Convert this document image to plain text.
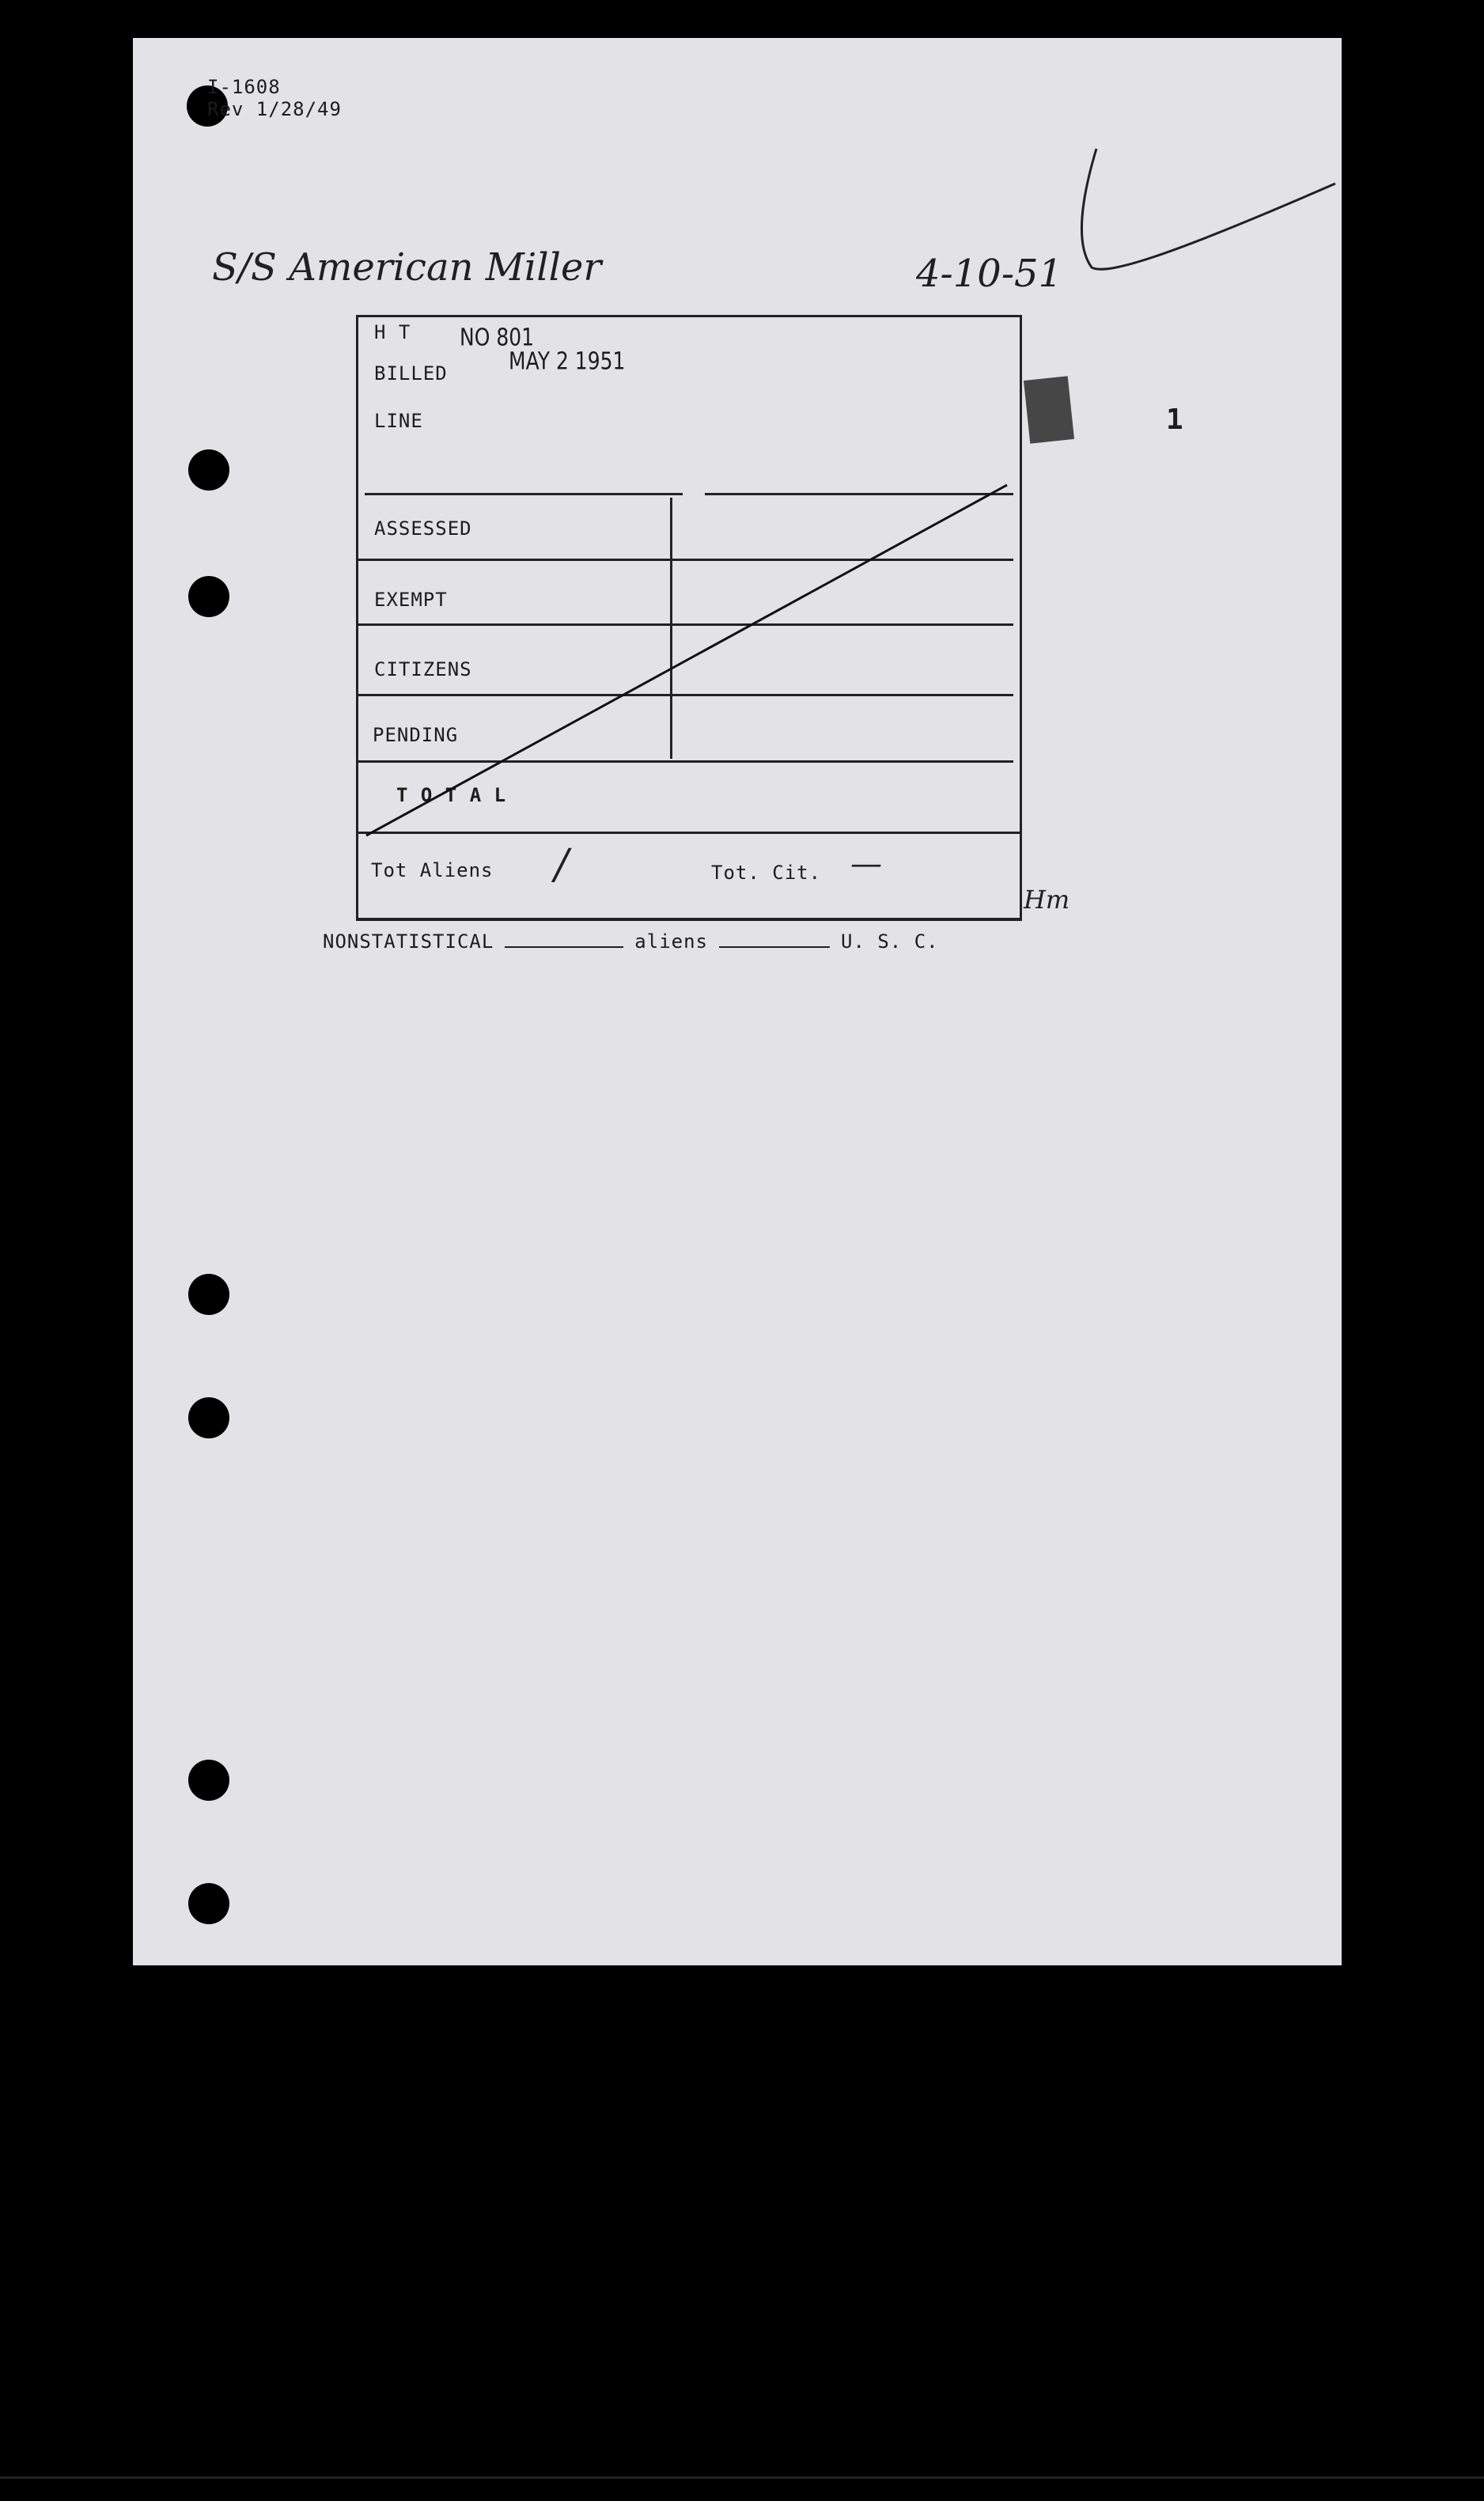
I-1608
Rev 1/28/49
S/S American Miller	4-10-51
1
H T
BILLED
LINE
NO 801
MAY 2 1951
ASSESSED
EXEMPT
CITIZENS
PENDING
T O T A L
Tot Aliens /	Tot. Cit. —
Hm
NONSTATISTICAL	aliens	U. S. C.
